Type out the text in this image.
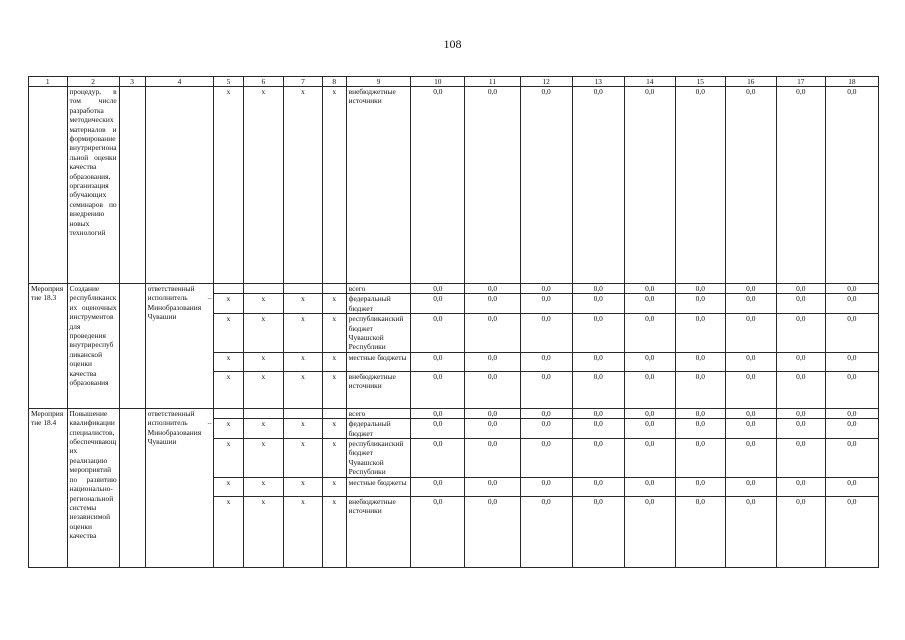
108
1	2	3	4	5	6	7	8	9	10	11	12	13	14	15	16	17	18
	процедур, в том числе разработка методических материалов и формирование внутрирегиональной оценки качества образования, организация обучающих семинаров по внедрению новых технологий			х	х	х	х	внебюджетные источники	0,0	0,0	0,0	0,0	0,0	0,0	0,0	0,0	0,0
Мероприятие 18.3	Создание республиканских оценочных инструментов для проведения внутриреспубликанской оценки качества образования		ответственный исполнитель – Минобразования Чувашии					всего	0,0	0,0	0,0	0,0	0,0	0,0	0,0	0,0	0,0
				х	х	х	х	федеральный бюджет	0,0	0,0	0,0	0,0	0,0	0,0	0,0	0,0	0,0
				х	х	х	х	республиканский бюджет Чувашской Республики	0,0	0,0	0,0	0,0	0,0	0,0	0,0	0,0	0,0
				х	х	х	х	местные бюджеты	0,0	0,0	0,0	0,0	0,0	0,0	0,0	0,0	0,0
				х	х	х	х	внебюджетные источники	0,0	0,0	0,0	0,0	0,0	0,0	0,0	0,0	0,0
Мероприятие 18.4	Повышение квалификации специалистов, обеспечивающих реализацию мероприятий по развитию национально-региональной системы независимой оценки качества		ответственный исполнитель – Минобразования Чувашии					всего	0,0	0,0	0,0	0,0	0,0	0,0	0,0	0,0	0,0
				х	х	х	х	федеральный бюджет	0,0	0,0	0,0	0,0	0,0	0,0	0,0	0,0	0,0
				х	х	х	х	республиканский бюджет Чувашской Республики	0,0	0,0	0,0	0,0	0,0	0,0	0,0	0,0	0,0
				х	х	х	х	местные бюджеты	0,0	0,0	0,0	0,0	0,0	0,0	0,0	0,0	0,0
				х	х	х	х	внебюджетные источники	0,0	0,0	0,0	0,0	0,0	0,0	0,0	0,0	0,0
